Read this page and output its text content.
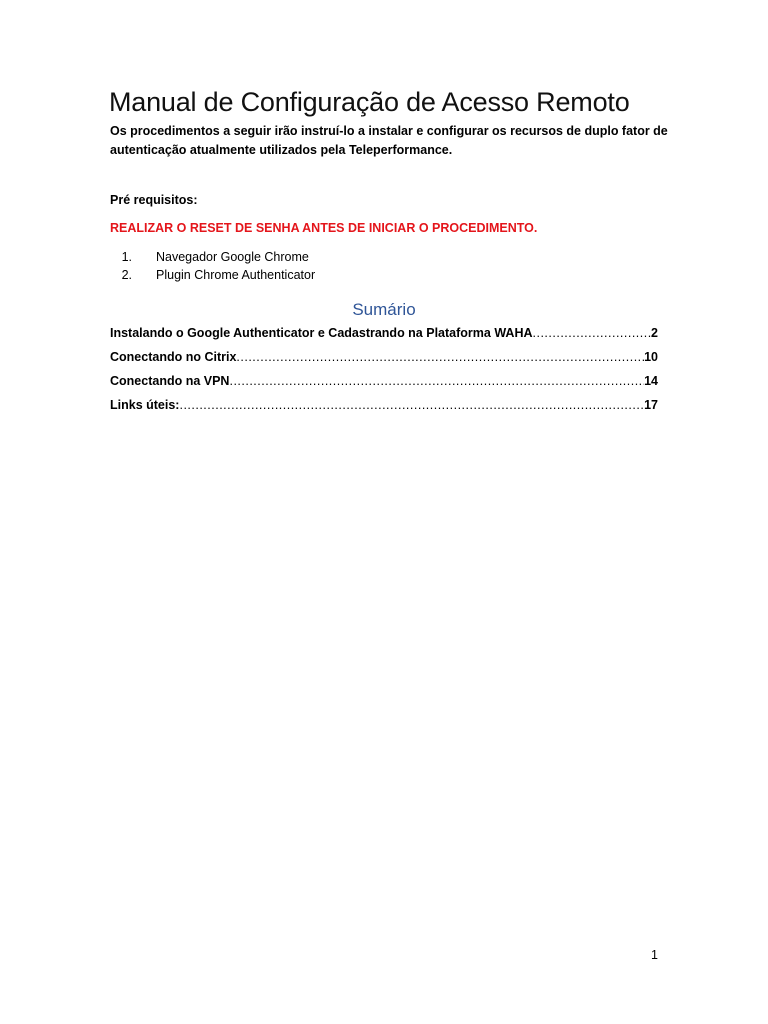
Manual de Configuração de Acesso Remoto

Os procedimentos a seguir irão instruí-lo a instalar e configurar os recursos de duplo fator de autenticação atualmente utilizados pela Teleperformance.

Pré requisitos:

REALIZAR O RESET DE SENHA ANTES DE INICIAR O PROCEDIMENTO.

1.	Navegador Google Chrome
2.	Plugin Chrome Authenticator
Sumário
Instalando o Google Authenticator e Cadastrando na Plataforma WAHA .....	2
Conectando no Citrix .....	10
Conectando na VPN .....	14
Links úteis: .....	17

1
